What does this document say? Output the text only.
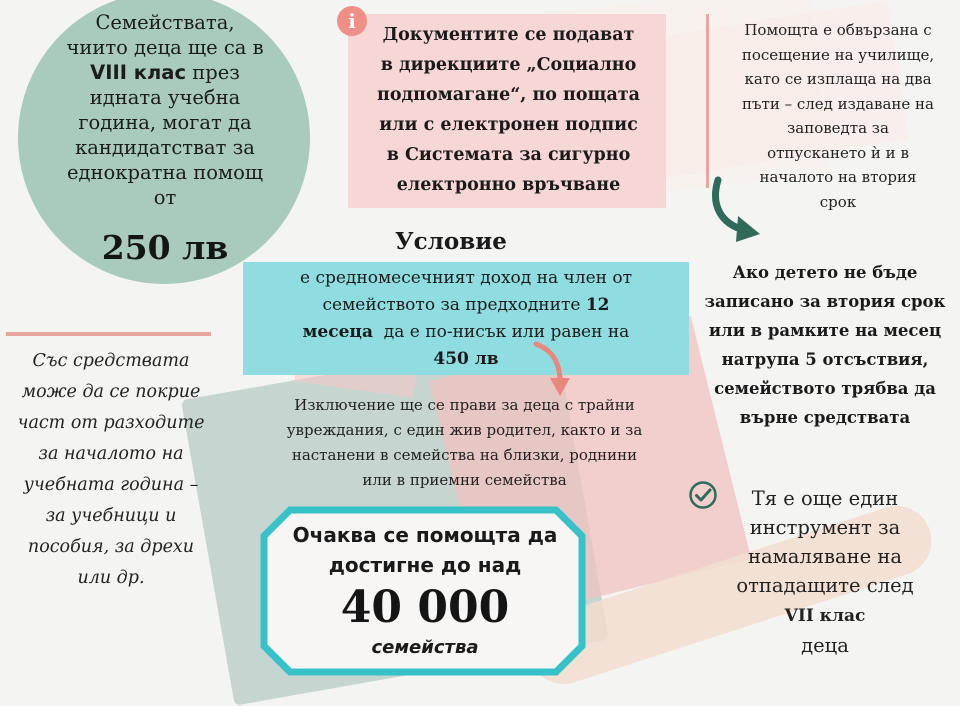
Семействата,
чиито деца ще са в
VIII клас през
идната учебна
година, могат да
кандидатстват за
еднократна помощ
от
250 лв
i
Документите се подават
в дирекциите „Социално
подпомагане“, по пощата
или с електронен подпис
в Системата за сигурно
електронно връчване
Помощта е обвързана с
посещение на училище,
като се изплаща на два
пъти – след издаване на
заповедта за
отпускането ѝ и в
началото на втория
срок
Ако детето не бъде
записано за втория срок
или в рамките на месец
натрупа 5 отсъствия,
семейството трябва да
върне средствата
Условие
е средномесечният доход на член от
семейството за предходните 12
месеца да е по-нисък или равен на
450 лв
Изключение ще се прави за деца с трайни
увреждания, с един жив родител, както и за
настанени в семейства на близки, роднини
или в приемни семейства
Със средствата
може да се покрие
част от разходите
за началото на
учебната година –
за учебници и
пособия, за дрехи
или др.
Очаква се помощта да
достигне до над
40 000
семейства
Тя е още един
инструмент за
намаляване на
отпадащите след
VII клас
деца
